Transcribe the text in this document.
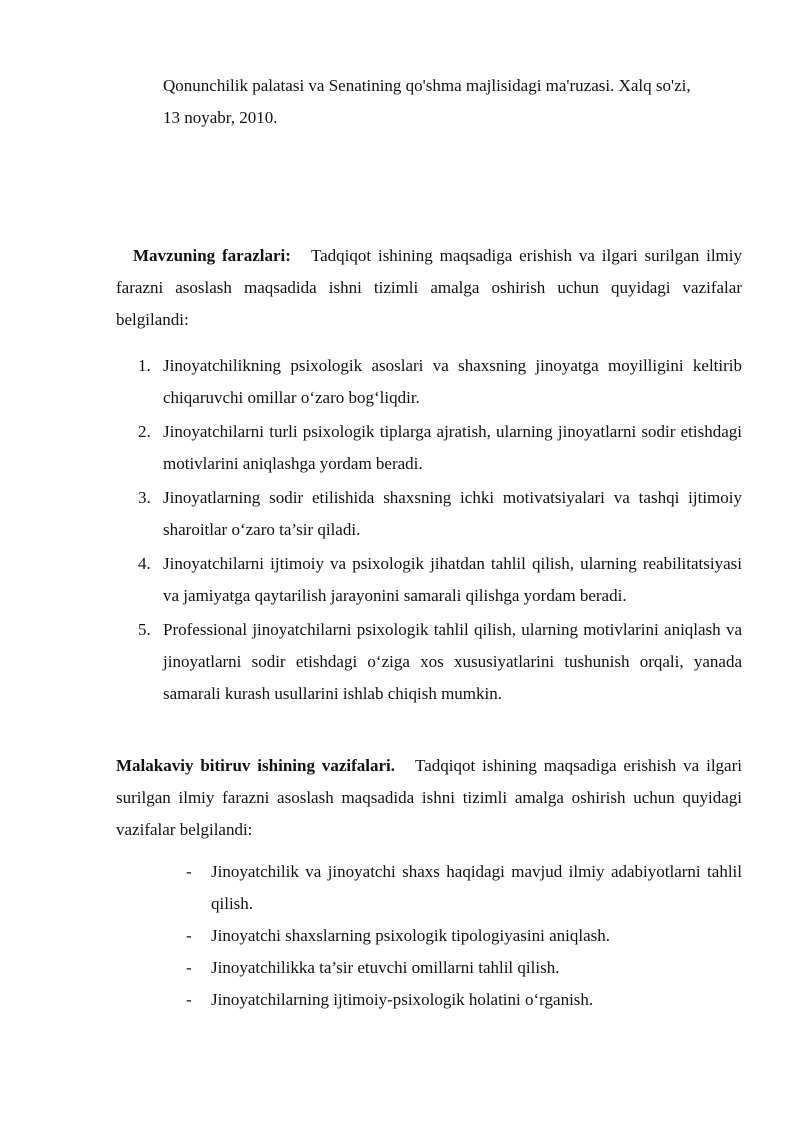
Qonunchilik palatasi va Senatining qo'shma majlisidagi ma'ruzasi. Xalq so'zi,
13 noyabr, 2010.
Mavzuning farazlari: Tadqiqot ishining maqsadiga erishish va ilgari surilgan ilmiy farazni asoslash maqsadida ishni tizimli amalga oshirish uchun quyidagi vazifalar belgilandi:
1. Jinoyatchilikning psixologik asoslari va shaxsning jinoyatga moyilligini keltirib chiqaruvchi omillar o‘zaro bog‘liqdir.
2. Jinoyatchilarni turli psixologik tiplarga ajratish, ularning jinoyatlarni sodir etishdagi motivlarini aniqlashga yordam beradi.
3. Jinoyatlarning sodir etilishida shaxsning ichki motivatsiyalari va tashqi ijtimoiy sharoitlar o‘zaro ta’sir qiladi.
4. Jinoyatchilarni ijtimoiy va psixologik jihatdan tahlil qilish, ularning reabilitatsiyasi va jamiyatga qaytarilish jarayonini samarali qilishga yordam beradi.
5. Professional jinoyatchilarni psixologik tahlil qilish, ularning motivlarini aniqlash va jinoyatlarni sodir etishdagi o‘ziga xos xususiyatlarini tushunish orqali, yanada samarali kurash usullarini ishlab chiqish mumkin.
Malakaviy bitiruv ishining vazifalari. Tadqiqot ishining maqsadiga erishish va ilgari surilgan ilmiy farazni asoslash maqsadida ishni tizimli amalga oshirish uchun quyidagi vazifalar belgilandi:
- Jinoyatchilik va jinoyatchi shaxs haqidagi mavjud ilmiy adabiyotlarni tahlil qilish.
- Jinoyatchi shaxslarning psixologik tipologiyasini aniqlash.
- Jinoyatchilikka ta’sir etuvchi omillarni tahlil qilish.
- Jinoyatchilarning ijtimoiy-psixologik holatini o‘rganish.
